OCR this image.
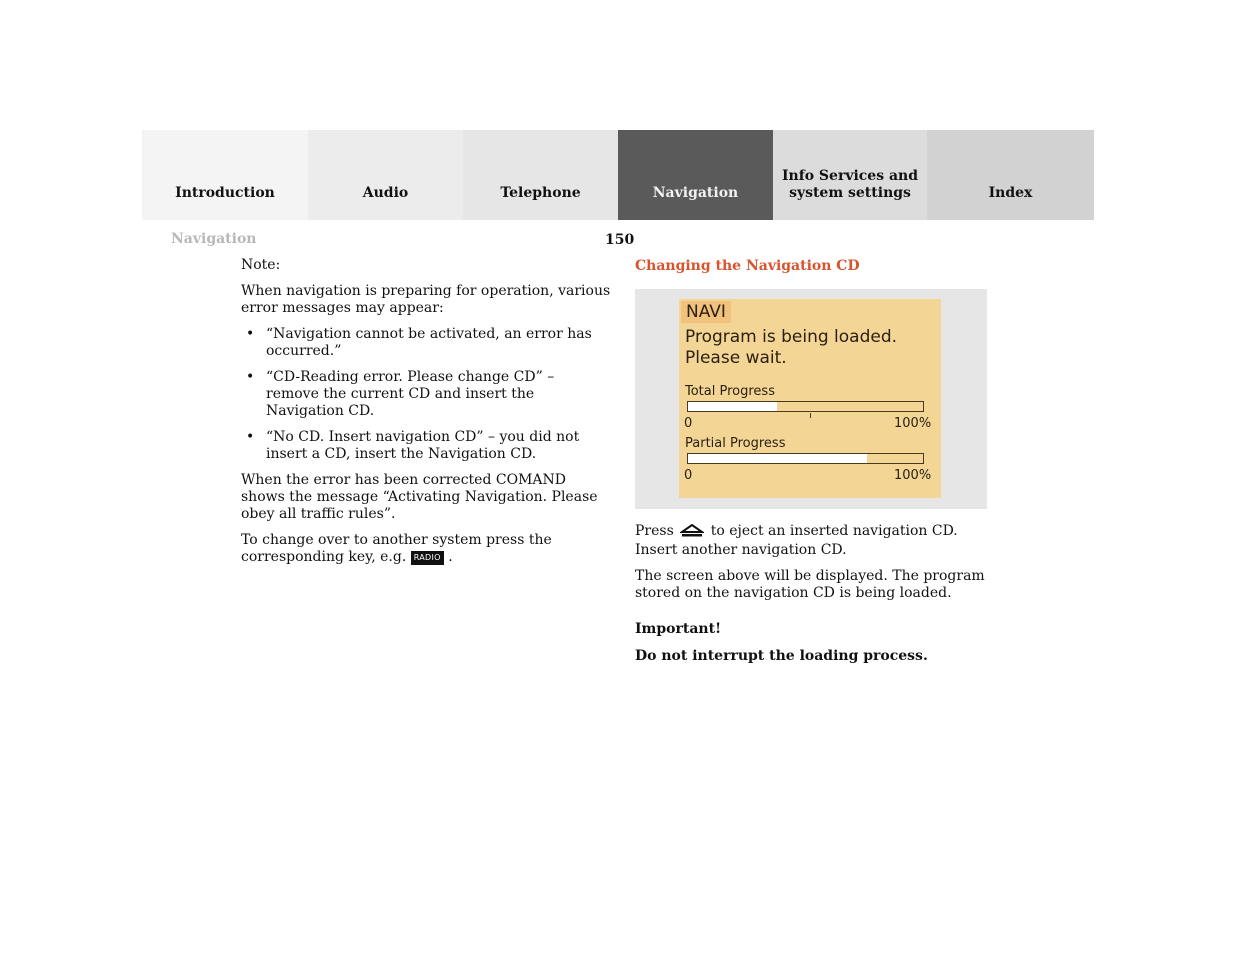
Introduction	Audio	Telephone	Navigation
Info Services and
system settings	Index
Navigation	150

Note:

When navigation is preparing for operation, various error messages may appear:

• “Navigation cannot be activated, an error has occurred.”
• “CD-Reading error. Please change CD” – remove the current CD and insert the Navigation CD.
• “No CD. Insert navigation CD” – you did not insert a CD, insert the Navigation CD.

When the error has been corrected COMAND shows the message “Activating Navigation. Please obey all traffic rules”.

To change over to another system press the corresponding key, e.g. RADIO .

Changing the Navigation CD
NAVI
Program is being loaded.
Please wait.
Total Progress
0	100%
Partial Progress
0	100%

Press	to eject an inserted navigation CD.
Insert another navigation CD.

The screen above will be displayed. The program stored on the navigation CD is being loaded.

Important!

Do not interrupt the loading process.
